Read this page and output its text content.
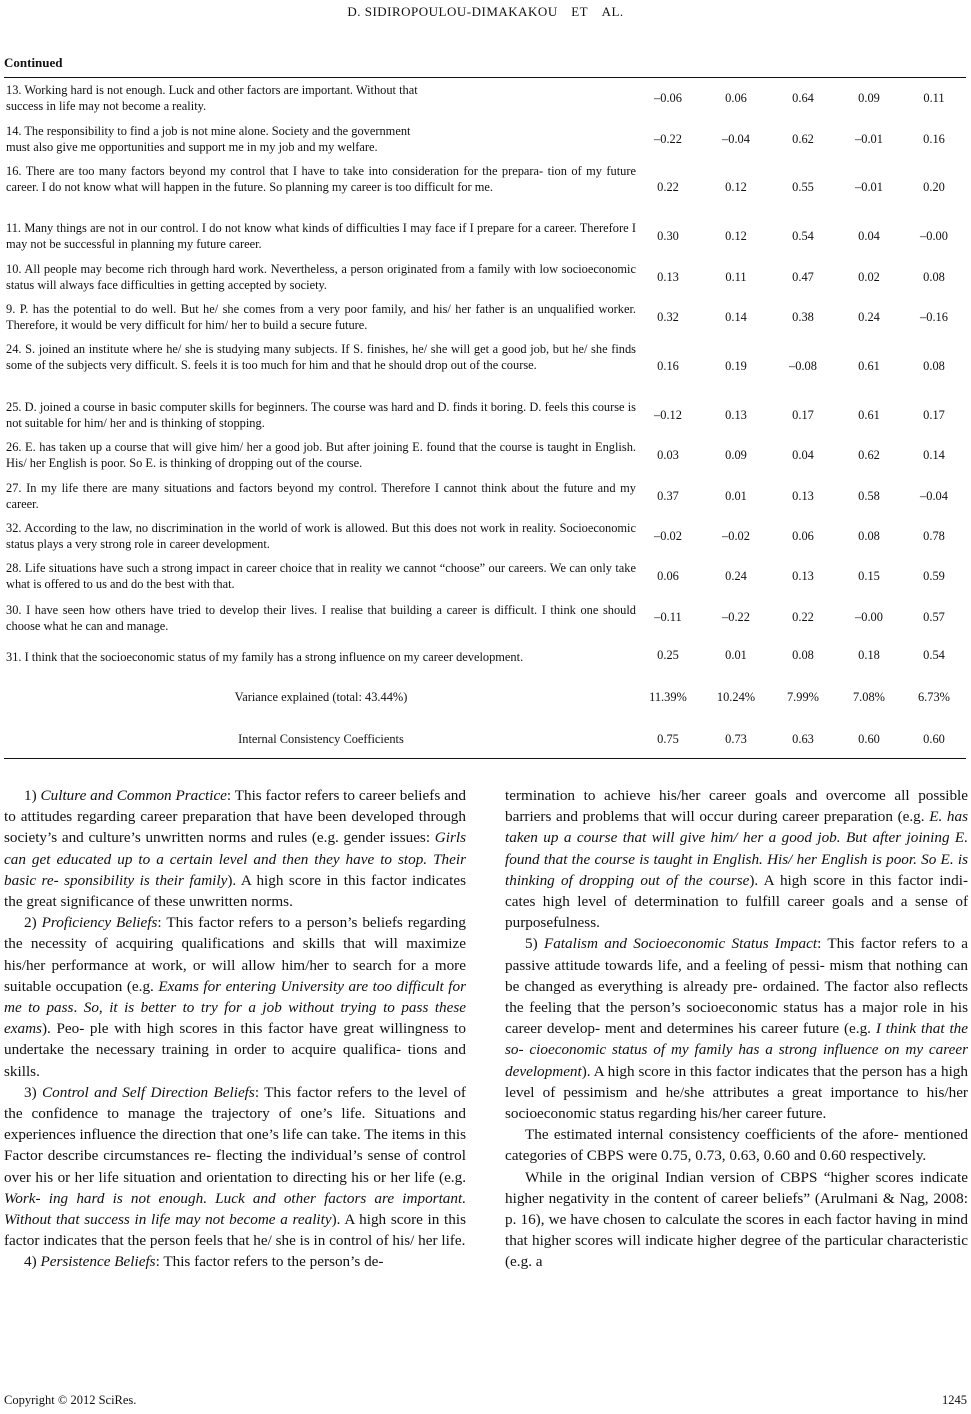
D. SIDIROPOULOU-DIMAKAKOU ET AL.
Continued
13. Working hard is not enough. Luck and other factors are important. Without that
success in life may not become a reality.
–0.06	0.06	0.64	0.09	0.11
14. The responsibility to find a job is not mine alone. Society and the government
must also give me opportunities and support me in my job and my welfare.
–0.22	–0.04	0.62	–0.01	0.16
16. There are too many factors beyond my control that I have to take into consideration for the prepara- tion of my future career. I do not know what will happen in the future. So planning my career is too difficult for me.	0.22	0.12	0.55	–0.01	0.20
11. Many things are not in our control. I do not know what kinds of difficulties I may face if I prepare for a career. Therefore I may not be successful in planning my future career.
0.30	0.12	0.54	0.04	–0.00
10. All people may become rich through hard work. Nevertheless, a person originated from a family with low socioeconomic status will always face difficulties in getting accepted by society.
0.13	0.11	0.47	0.02	0.08
9. P. has the potential to do well. But he/ she comes from a very poor family, and his/ her father is an unqualified worker. Therefore, it would be very difficult for him/ her to build a secure future.
0.32	0.14	0.38	0.24	–0.16
24. S. joined an institute where he/ she is studying many subjects. If S. finishes, he/ she will get a good job, but he/ she finds some of the subjects very difficult. S. feels it is too much for him and that he should drop out of the course.	0.16	0.19	–0.08	0.61	0.08
25. D. joined a course in basic computer skills for beginners. The course was hard and D. finds it boring. D. feels this course is not suitable for him/ her and is thinking of stopping.
–0.12	0.13	0.17	0.61	0.17
26. E. has taken up a course that will give him/ her a good job. But after joining E. found that the course is taught in English. His/ her English is poor. So E. is thinking of dropping out of the course.
0.03	0.09	0.04	0.62	0.14
27. In my life there are many situations and factors beyond my control. Therefore I cannot think about the future and my career.
0.37	0.01	0.13	0.58	–0.04
32. According to the law, no discrimination in the world of work is allowed. But this does not work in reality. Socioeconomic status plays a very strong role in career development.
–0.02	–0.02	0.06	0.08	0.78
28. Life situations have such a strong impact in career choice that in reality we cannot “choose” our careers. We can only take what is offered to us and do the best with that.
0.06	0.24	0.13	0.15	0.59
30. I have seen how others have tried to develop their lives. I realise that building a career is difficult. I think one should choose what he can and manage.
–0.11	–0.22	0.22	–0.00	0.57
31. I think that the socioeconomic status of my family has a strong influence on my career development.	0.25	0.01	0.08	0.18	0.54
Variance explained (total: 43.44%)	11.39%	10.24%	7.99%	7.08%	6.73%
Internal Consistency Coefficients	0.75	0.73	0.63	0.60	0.60

1) Culture and Common Practice: This factor refers to career beliefs and to attitudes regarding career preparation that have been developed through society’s and culture’s unwritten norms and rules (e.g. gender issues: Girls can get educated up to a certain level and then they have to stop. Their basic re- sponsibility is their family). A high score in this factor indicates the great significance of these unwritten norms.

2) Proficiency Beliefs: This factor refers to a person’s beliefs regarding the necessity of acquiring qualifications and skills that will maximize his/her performance at work, or will allow him/her to search for a more suitable occupation (e.g. Exams for entering University are too difficult for me to pass. So, it is better to try for a job without trying to pass these exams). Peo- ple with high scores in this factor have great willingness to undertake the necessary training in order to acquire qualifica- tions and skills.

3) Control and Self Direction Beliefs: This factor refers to the level of the confidence to manage the trajectory of one’s life. Situations and experiences influence the direction that one’s life can take. The items in this Factor describe circumstances re- flecting the individual’s sense of control over his or her life situation and orientation to directing his or her life (e.g. Work- ing hard is not enough. Luck and other factors are important. Without that success in life may not become a reality). A high score in this factor indicates that the person feels that he/ she is in control of his/ her life.

4) Persistence Beliefs: This factor refers to the person’s de-

termination to achieve his/her career goals and overcome all possible barriers and problems that will occur during career preparation (e.g. E. has taken up a course that will give him/ her a good job. But after joining E. found that the course is taught in English. His/ her English is poor. So E. is thinking of dropping out of the course). A high score in this factor indi- cates high level of determination to fulfill career goals and a sense of purposefulness.

5) Fatalism and Socioeconomic Status Impact: This factor refers to a passive attitude towards life, and a feeling of pessi- mism that nothing can be changed as everything is already pre- ordained. The factor also reflects the feeling that the person’s socioeconomic status has a major role in his career develop- ment and determines his career future (e.g. I think that the so- cioeconomic status of my family has a strong influence on my career development). A high score in this factor indicates that the person has a high level of pessimism and he/she attributes a great importance to his/her socioeconomic status regarding his/her career future.

The estimated internal consistency coefficients of the afore- mentioned categories of CBPS were 0.75, 0.73, 0.63, 0.60 and 0.60 respectively.

While in the original Indian version of CBPS “higher scores indicate higher negativity in the content of career beliefs” (Arulmani & Nag, 2008: p. 16), we have chosen to calculate the scores in each factor having in mind that higher scores will indicate higher degree of the particular characteristic (e.g. a

Copyright © 2012 SciRes.	1245
